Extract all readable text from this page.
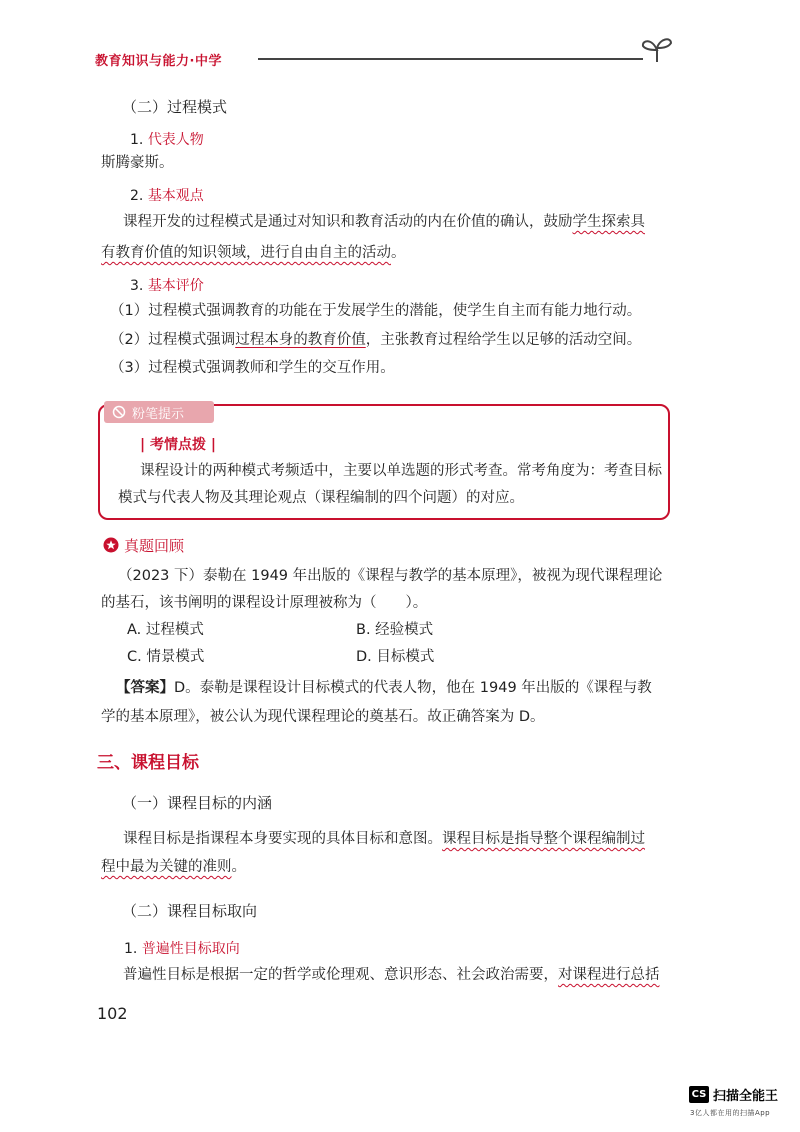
教育知识与能力·中学
（二）过程模式
1. 代表人物
斯腾豪斯。
2. 基本观点
课程开发的过程模式是通过对知识和教育活动的内在价值的确认，鼓励学生探索具
有教育价值的知识领域，进行自由自主的活动。
3. 基本评价
（1）过程模式强调教育的功能在于发展学生的潜能，使学生自主而有能力地行动。
（2）过程模式强调过程本身的教育价值，主张教育过程给学生以足够的活动空间。
（3）过程模式强调教师和学生的交互作用。
粉笔提示
| 考情点拨 |
课程设计的两种模式考频适中，主要以单选题的形式考查。常考角度为：考查目标
模式与代表人物及其理论观点（课程编制的四个问题）的对应。
真题回顾
（2023 下）泰勒在 1949 年出版的《课程与教学的基本原理》，被视为现代课程理论
的基石，该书阐明的课程设计原理被称为（　　）。
A. 过程模式	B. 经验模式
C. 情景模式	D. 目标模式
【答案】D。泰勒是课程设计目标模式的代表人物，他在 1949 年出版的《课程与教
学的基本原理》，被公认为现代课程理论的奠基石。故正确答案为 D。
三、课程目标
（一）课程目标的内涵
课程目标是指课程本身要实现的具体目标和意图。课程目标是指导整个课程编制过
程中最为关键的准则。
（二）课程目标取向
1. 普遍性目标取向
普遍性目标是根据一定的哲学或伦理观、意识形态、社会政治需要，对课程进行总括
102
CS 扫描全能王
3亿人都在用的扫描App
